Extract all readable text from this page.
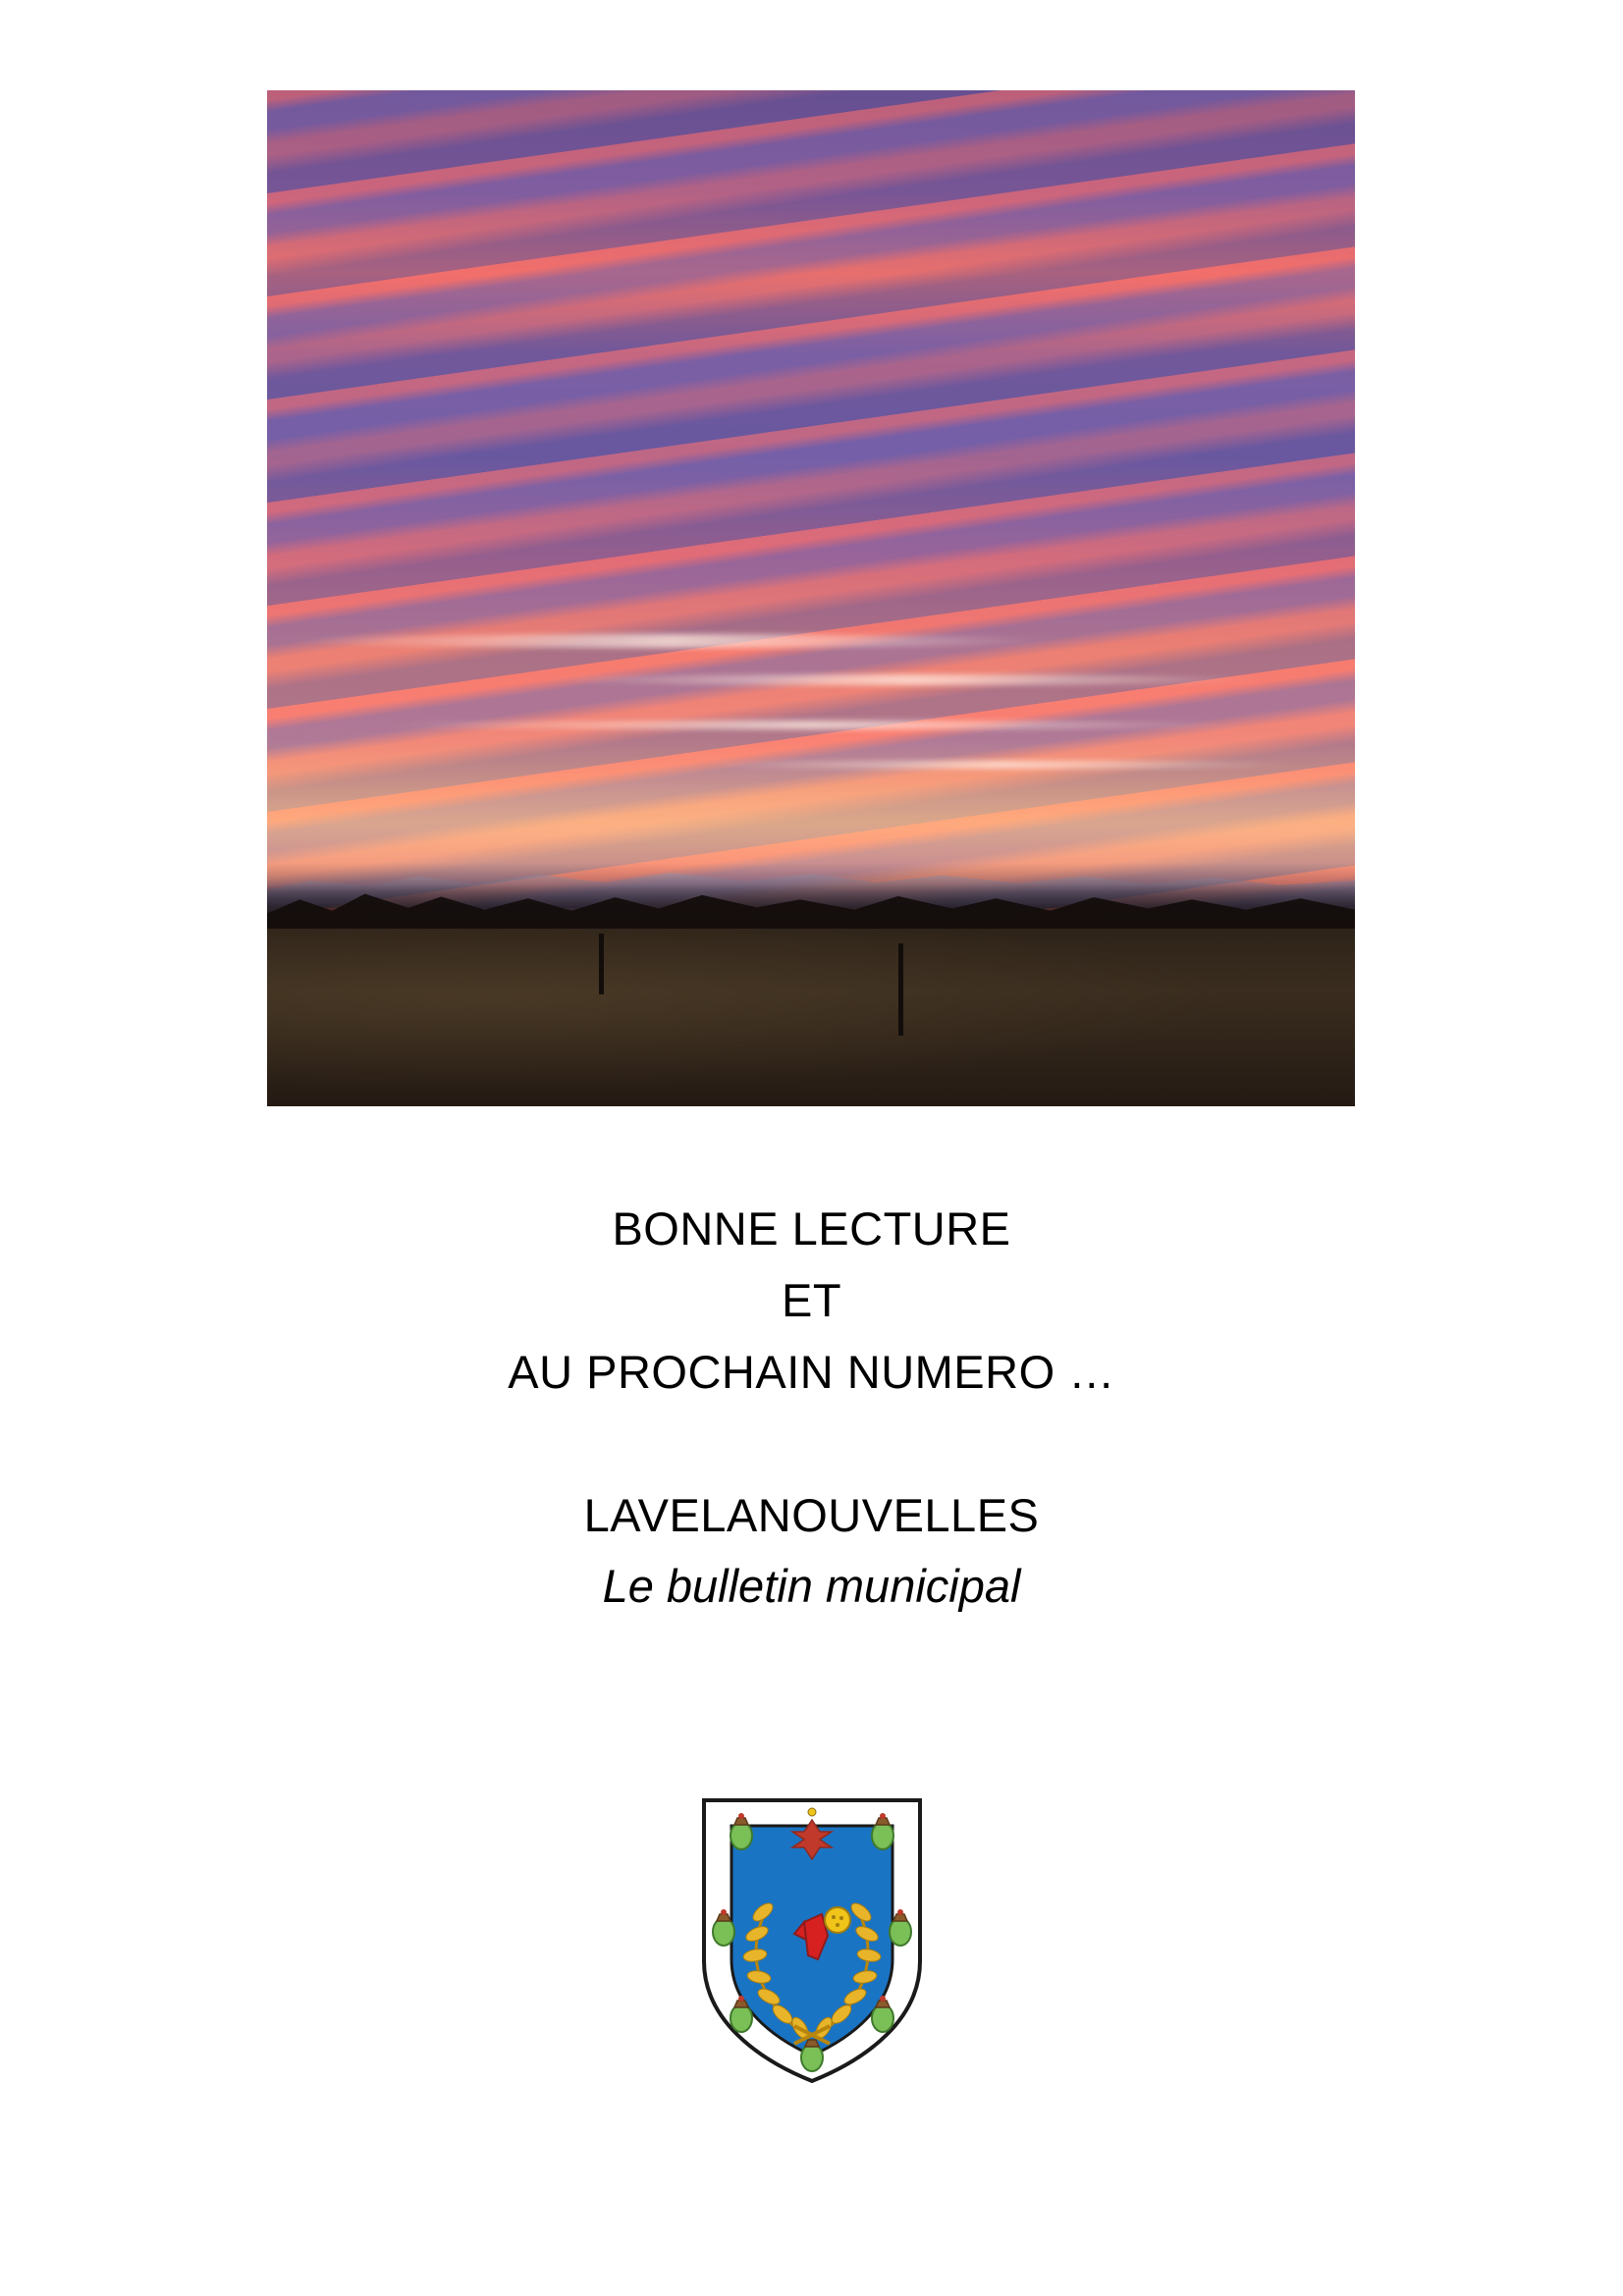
BONNE LECTURE
ET
AU PROCHAIN NUMERO …
LAVELANOUVELLES
Le bulletin municipal
